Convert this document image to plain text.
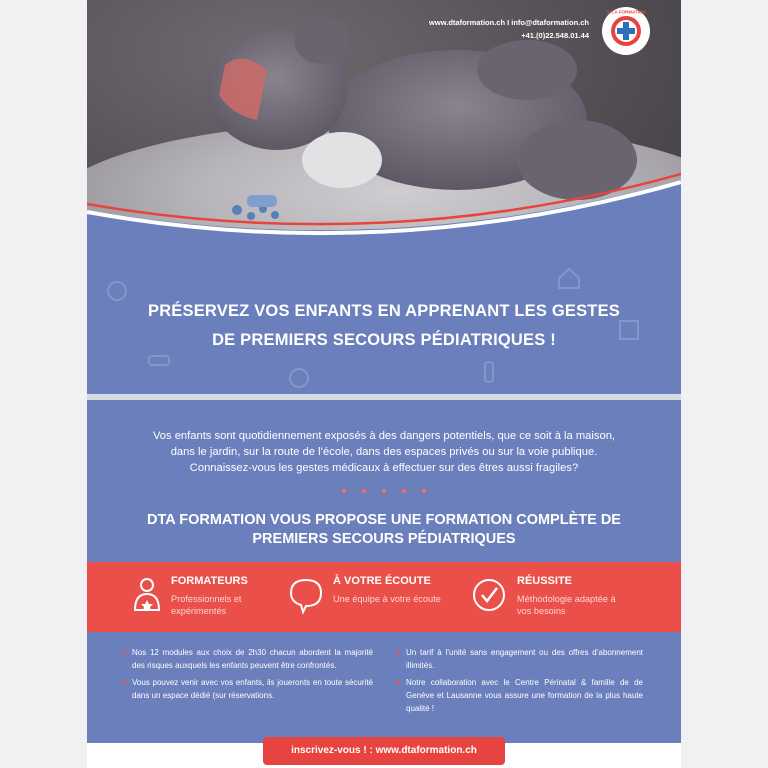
www.dtaformation.ch I info@dtaformation.ch
+41.(0)22.548.01.44
D.T.A FORMATION
PRÉSERVEZ VOS ENFANTS EN APPRENANT LES GESTES
DE PREMIERS SECOURS PÉDIATRIQUES !
Vos enfants sont quotidiennement exposés à des dangers potentiels, que ce soit à la maison,
dans le jardin, sur la route de l’école, dans des espaces privés ou sur la voie publique.
Connaissez-vous les gestes médicaux à effectuer sur des êtres aussi fragiles?
DTA FORMATION VOUS PROPOSE UNE FORMATION COMPLÈTE DE
PREMIERS SECOURS PÉDIATRIQUES
FORMATEURS
Professionnels et expérimentés
À VOTRE ÉCOUTE
Une équipe à votre écoute
RÉUSSITE
Méthodologie adaptée à vos besoins
Nos 12 modules aux choix de 2h30 chacun abordent la majorité des risques auxquels les enfants peuvent être confrontés.
Vous pouvez venir avec vos enfants, ils joueronts en toute sécurité dans un espace dédié (sur réservations.
Un tarif à l’unité sans engagement ou des offres d’abonnement illimités.
Notre collaboration avec le Centre Périnatal & famille de de Genève et Lausanne vous assure une formation de la plus haute qualité !
inscrivez-vous ! : www.dtaformation.ch
